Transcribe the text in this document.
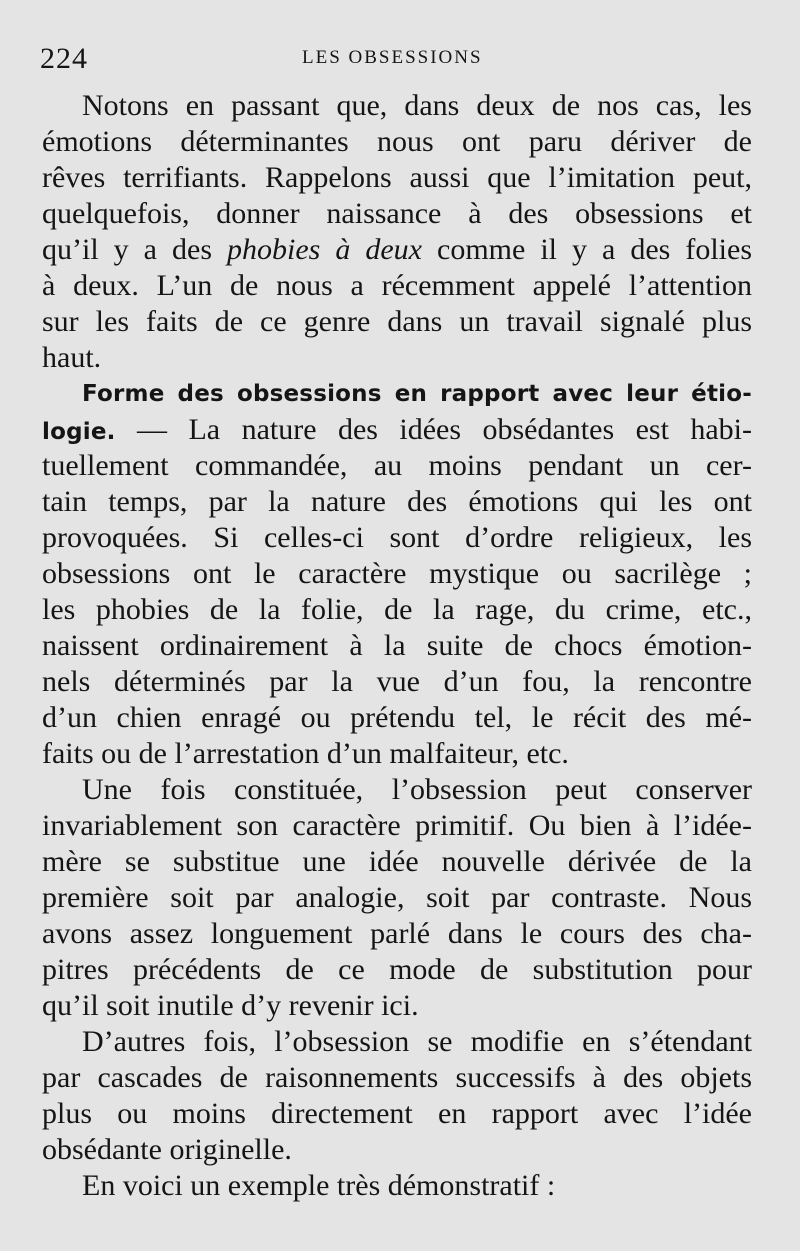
224	LES OBSESSIONS
Notons en passant que, dans deux de nos cas, les
émotions déterminantes nous ont paru dériver de
rêves terrifiants. Rappelons aussi que l’imitation peut,
quelquefois, donner naissance à des obsessions et
qu’il y a des phobies à deux comme il y a des folies
à deux. L’un de nous a récemment appelé l’attention
sur les faits de ce genre dans un travail signalé plus
haut.
Forme des obsessions en rapport avec leur étio-
logie. — La nature des idées obsédantes est habi-
tuellement commandée, au moins pendant un cer-
tain temps, par la nature des émotions qui les ont
provoquées. Si celles-ci sont d’ordre religieux, les
obsessions ont le caractère mystique ou sacrilège ;
les phobies de la folie, de la rage, du crime, etc.,
naissent ordinairement à la suite de chocs émotion-
nels déterminés par la vue d’un fou, la rencontre
d’un chien enragé ou prétendu tel, le récit des mé-
faits ou de l’arrestation d’un malfaiteur, etc.
Une fois constituée, l’obsession peut conserver
invariablement son caractère primitif. Ou bien à l’idée-
mère se substitue une idée nouvelle dérivée de la
première soit par analogie, soit par contraste. Nous
avons assez longuement parlé dans le cours des cha-
pitres précédents de ce mode de substitution pour
qu’il soit inutile d’y revenir ici.
D’autres fois, l’obsession se modifie en s’étendant
par cascades de raisonnements successifs à des objets
plus ou moins directement en rapport avec l’idée
obsédante originelle.
En voici un exemple très démonstratif :
